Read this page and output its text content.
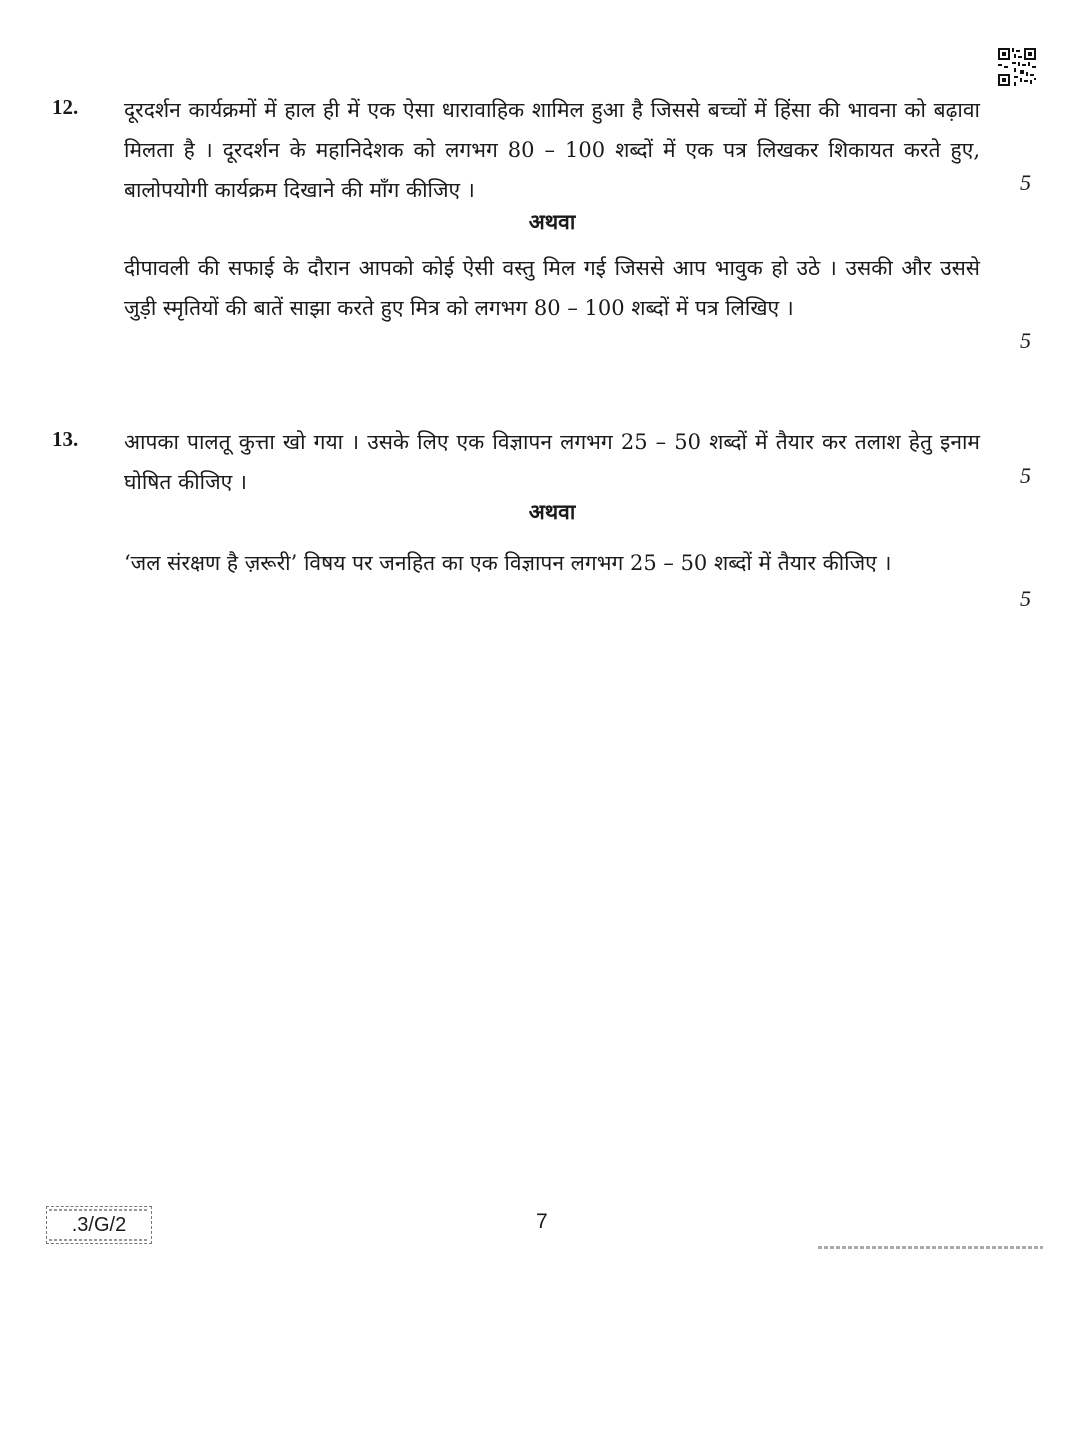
12. दूरदर्शन कार्यक्रमों में हाल ही में एक ऐसा धारावाहिक शामिल हुआ है जिससे बच्चों में हिंसा की भावना को बढ़ावा मिलता है । दूरदर्शन के महानिदेशक को लगभग 80 – 100 शब्दों में एक पत्र लिखकर शिकायत करते हुए, बालोपयोगी कार्यक्रम दिखाने की माँग कीजिए ।	5
अथवा
दीपावली की सफाई के दौरान आपको कोई ऐसी वस्तु मिल गई जिससे आप भावुक हो उठे । उसकी और उससे जुड़ी स्मृतियों की बातें साझा करते हुए मित्र को लगभग 80 – 100 शब्दों में पत्र लिखिए ।
5
13. आपका पालतू कुत्ता खो गया । उसके लिए एक विज्ञापन लगभग 25 – 50 शब्दों में तैयार कर तलाश हेतु इनाम घोषित कीजिए ।	5
अथवा
‘जल संरक्षण है ज़रूरी’ विषय पर जनहित का एक विज्ञापन लगभग 25 – 50 शब्दों में तैयार कीजिए ।
5
.3/G/2	7
